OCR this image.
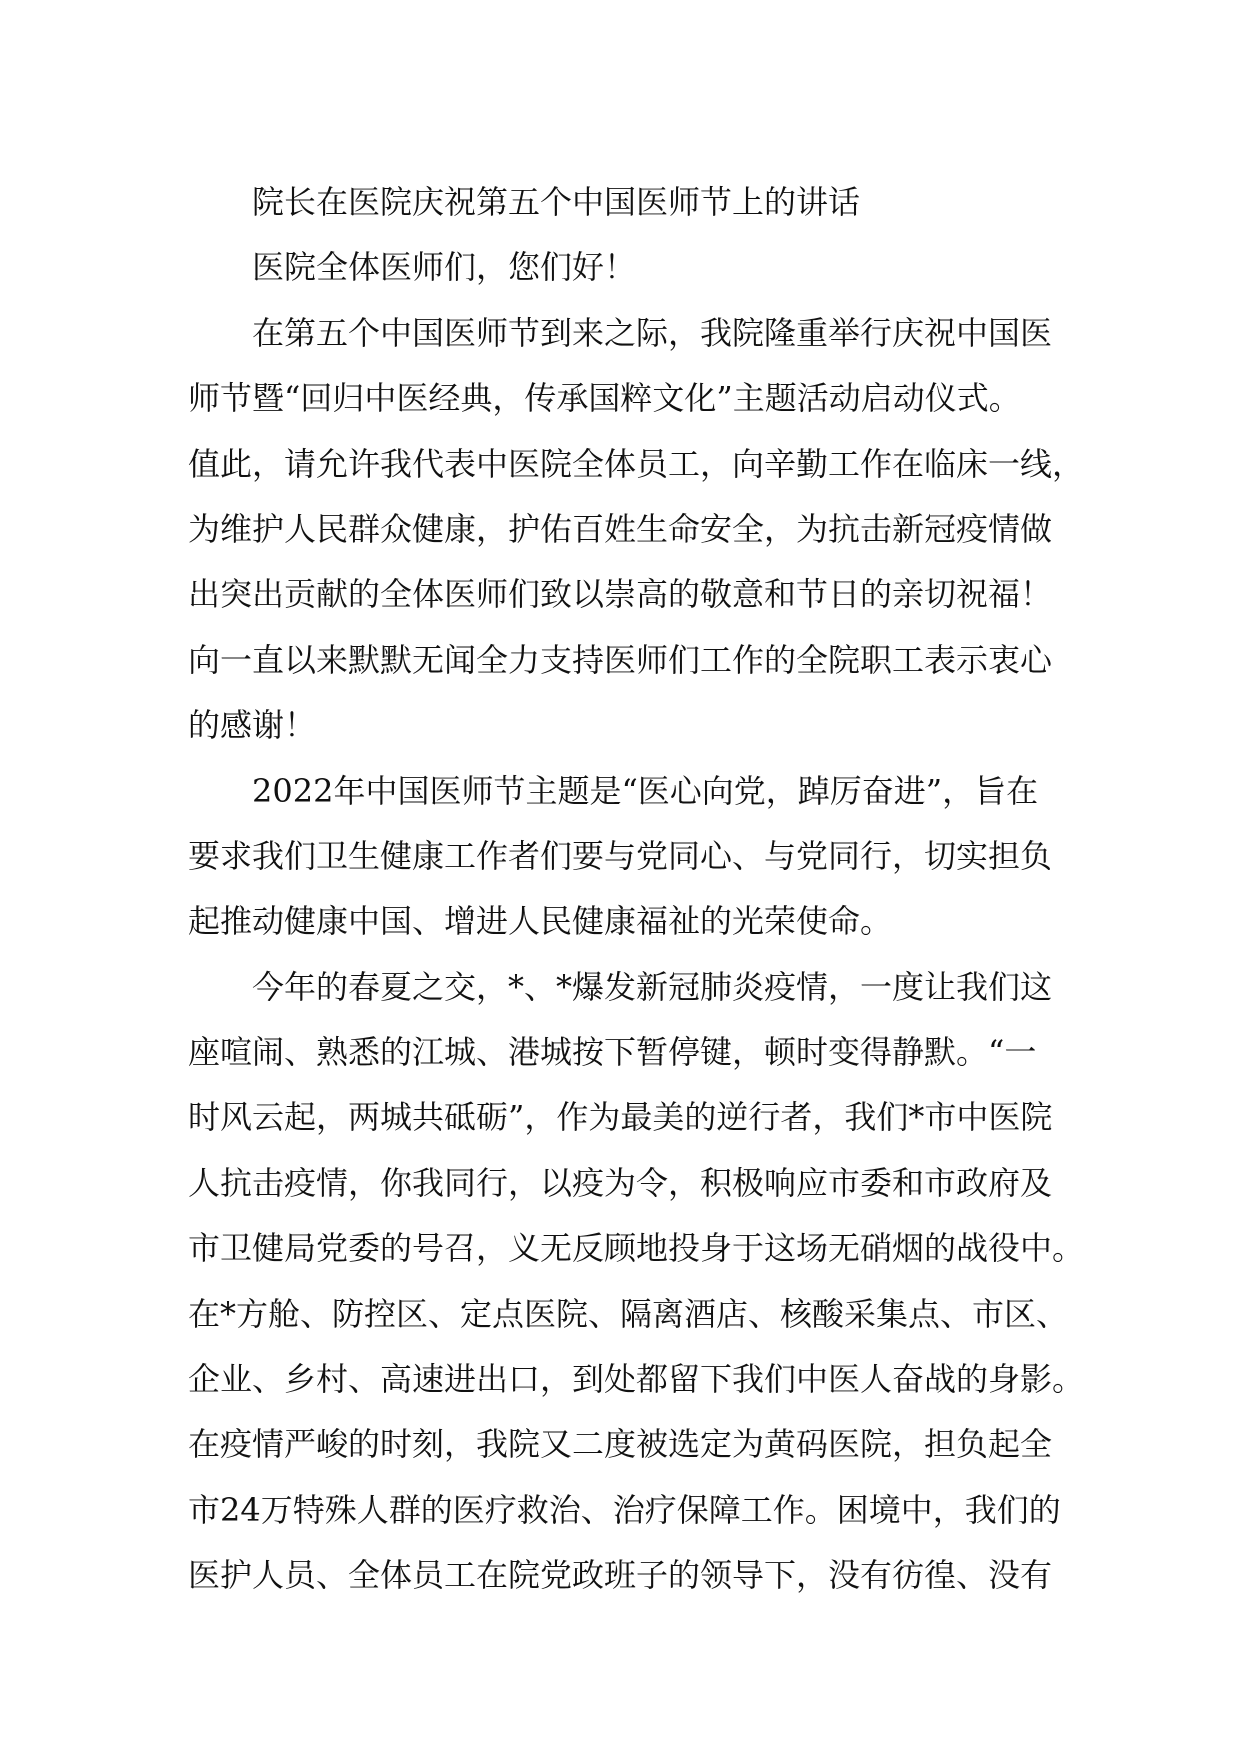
院长在医院庆祝第五个中国医师节上的讲话
医院全体医师们，您们好！
在第五个中国医师节到来之际，我院隆重举行庆祝中国医
师节暨“回归中医经典，传承国粹文化”主题活动启动仪式。
值此，请允许我代表中医院全体员工，向辛勤工作在临床一线，
为维护人民群众健康，护佑百姓生命安全，为抗击新冠疫情做
出突出贡献的全体医师们致以崇高的敬意和节日的亲切祝福！
向一直以来默默无闻全力支持医师们工作的全院职工表示衷心
的感谢！
2022年中国医师节主题是“医心向党，踔厉奋进”，旨在
要求我们卫生健康工作者们要与党同心、与党同行，切实担负
起推动健康中国、增进人民健康福祉的光荣使命。
今年的春夏之交，*、*爆发新冠肺炎疫情，一度让我们这
座喧闹、熟悉的江城、港城按下暂停键，顿时变得静默。“一
时风云起，两城共砥砺”，作为最美的逆行者，我们*市中医院
人抗击疫情，你我同行，以疫为令，积极响应市委和市政府及
市卫健局党委的号召，义无反顾地投身于这场无硝烟的战役中。
在*方舱、防控区、定点医院、隔离酒店、核酸采集点、市区、
企业、乡村、高速进出口，到处都留下我们中医人奋战的身影。
在疫情严峻的时刻，我院又二度被选定为黄码医院，担负起全
市24万特殊人群的医疗救治、治疗保障工作。困境中，我们的
医护人员、全体员工在院党政班子的领导下，没有彷徨、没有
